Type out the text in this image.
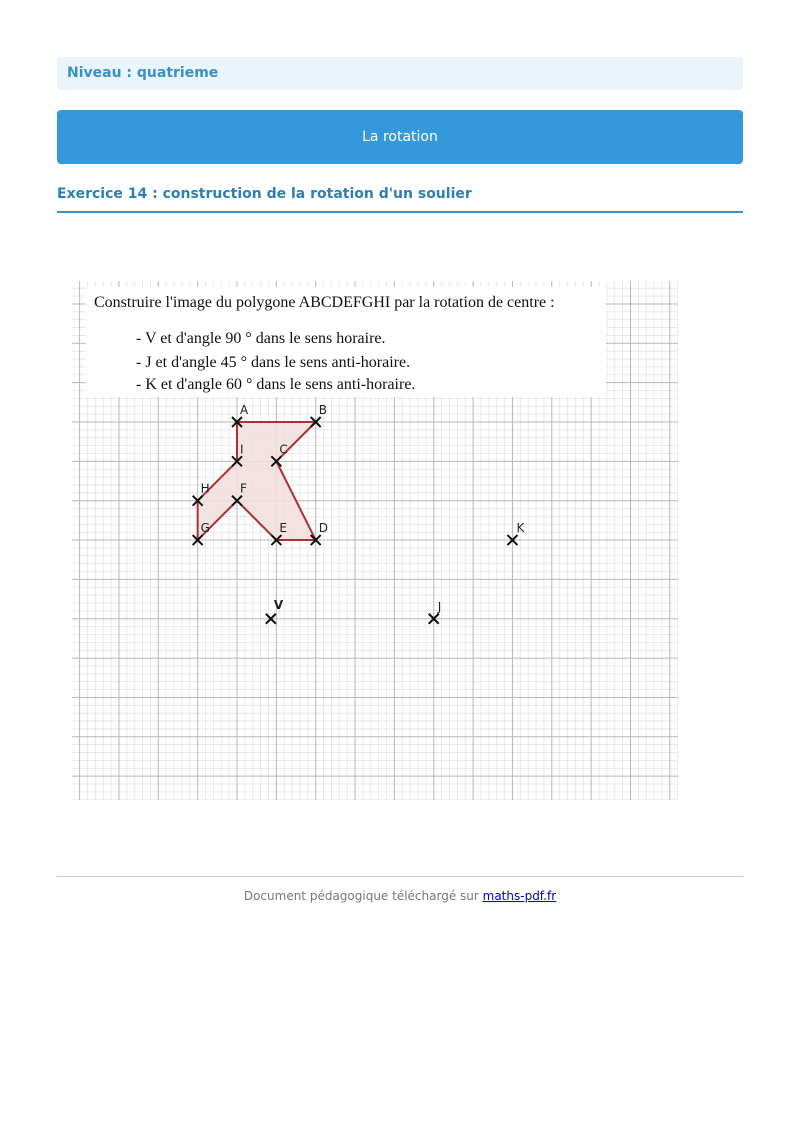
Niveau : quatrieme
La rotation
Exercice 14 : construction de la rotation d'un soulier
Construire l'image du polygone ABCDEFGHI par la rotation de centre :
- V et d'angle 90 ° dans le sens horaire.
- J et d'angle 45 ° dans le sens anti-horaire.
- K et d'angle 60 ° dans le sens anti-horaire.
A	B
C
D
E
F
G
H
I
V	J
K
Document pédagogique téléchargé sur maths-pdf.fr
